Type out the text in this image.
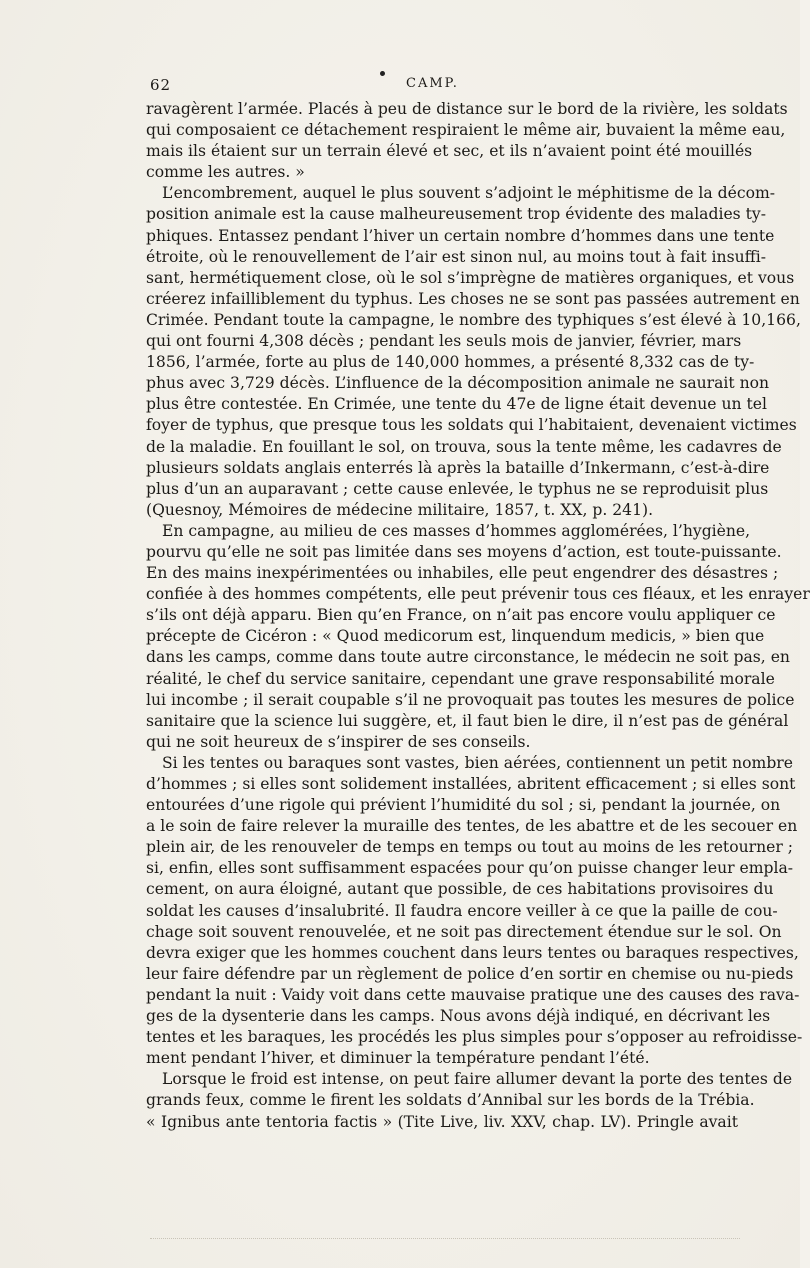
62	CAMP.
ravagèrent l’armée. Placés à peu de distance sur le bord de la rivière, les soldats
qui composaient ce détachement respiraient le même air, buvaient la même eau,
mais ils étaient sur un terrain élevé et sec, et ils n’avaient point été mouillés
comme les autres. »
L’encombrement, auquel le plus souvent s’adjoint le méphitisme de la décom-
position animale est la cause malheureusement trop évidente des maladies ty-
phiques. Entassez pendant l’hiver un certain nombre d’hommes dans une tente
étroite, où le renouvellement de l’air est sinon nul, au moins tout à fait insuffi-
sant, hermétiquement close, où le sol s’imprègne de matières organiques, et vous
créerez infailliblement du typhus. Les choses ne se sont pas passées autrement en
Crimée. Pendant toute la campagne, le nombre des typhiques s’est élevé à 10,166,
qui ont fourni 4,308 décès ; pendant les seuls mois de janvier, février, mars
1856, l’armée, forte au plus de 140,000 hommes, a présenté 8,332 cas de ty-
phus avec 3,729 décès. L’influence de la décomposition animale ne saurait non
plus être contestée. En Crimée, une tente du 47e de ligne était devenue un tel
foyer de typhus, que presque tous les soldats qui l’habitaient, devenaient victimes
de la maladie. En fouillant le sol, on trouva, sous la tente même, les cadavres de
plusieurs soldats anglais enterrés là après la bataille d’Inkermann, c’est-à-dire
plus d’un an auparavant ; cette cause enlevée, le typhus ne se reproduisit plus
(Quesnoy, Mémoires de médecine militaire, 1857, t. XX, p. 241).
En campagne, au milieu de ces masses d’hommes agglomérées, l’hygiène,
pourvu qu’elle ne soit pas limitée dans ses moyens d’action, est toute-puissante.
En des mains inexpérimentées ou inhabiles, elle peut engendrer des désastres ;
confiée à des hommes compétents, elle peut prévenir tous ces fléaux, et les enrayer
s’ils ont déjà apparu. Bien qu’en France, on n’ait pas encore voulu appliquer ce
précepte de Cicéron : « Quod medicorum est, linquendum medicis, » bien que
dans les camps, comme dans toute autre circonstance, le médecin ne soit pas, en
réalité, le chef du service sanitaire, cependant une grave responsabilité morale
lui incombe ; il serait coupable s’il ne provoquait pas toutes les mesures de police
sanitaire que la science lui suggère, et, il faut bien le dire, il n’est pas de général
qui ne soit heureux de s’inspirer de ses conseils.
Si les tentes ou baraques sont vastes, bien aérées, contiennent un petit nombre
d’hommes ; si elles sont solidement installées, abritent efficacement ; si elles sont
entourées d’une rigole qui prévient l’humidité du sol ; si, pendant la journée, on
a le soin de faire relever la muraille des tentes, de les abattre et de les secouer en
plein air, de les renouveler de temps en temps ou tout au moins de les retourner ;
si, enfin, elles sont suffisamment espacées pour qu’on puisse changer leur empla-
cement, on aura éloigné, autant que possible, de ces habitations provisoires du
soldat les causes d’insalubrité. Il faudra encore veiller à ce que la paille de cou-
chage soit souvent renouvelée, et ne soit pas directement étendue sur le sol. On
devra exiger que les hommes couchent dans leurs tentes ou baraques respectives,
leur faire défendre par un règlement de police d’en sortir en chemise ou nu-pieds
pendant la nuit : Vaidy voit dans cette mauvaise pratique une des causes des rava-
ges de la dysenterie dans les camps. Nous avons déjà indiqué, en décrivant les
tentes et les baraques, les procédés les plus simples pour s’opposer au refroidisse-
ment pendant l’hiver, et diminuer la température pendant l’été.
Lorsque le froid est intense, on peut faire allumer devant la porte des tentes de
grands feux, comme le firent les soldats d’Annibal sur les bords de la Trébia.
« Ignibus ante tentoria factis » (Tite Live, liv. XXV, chap. LV). Pringle avait
